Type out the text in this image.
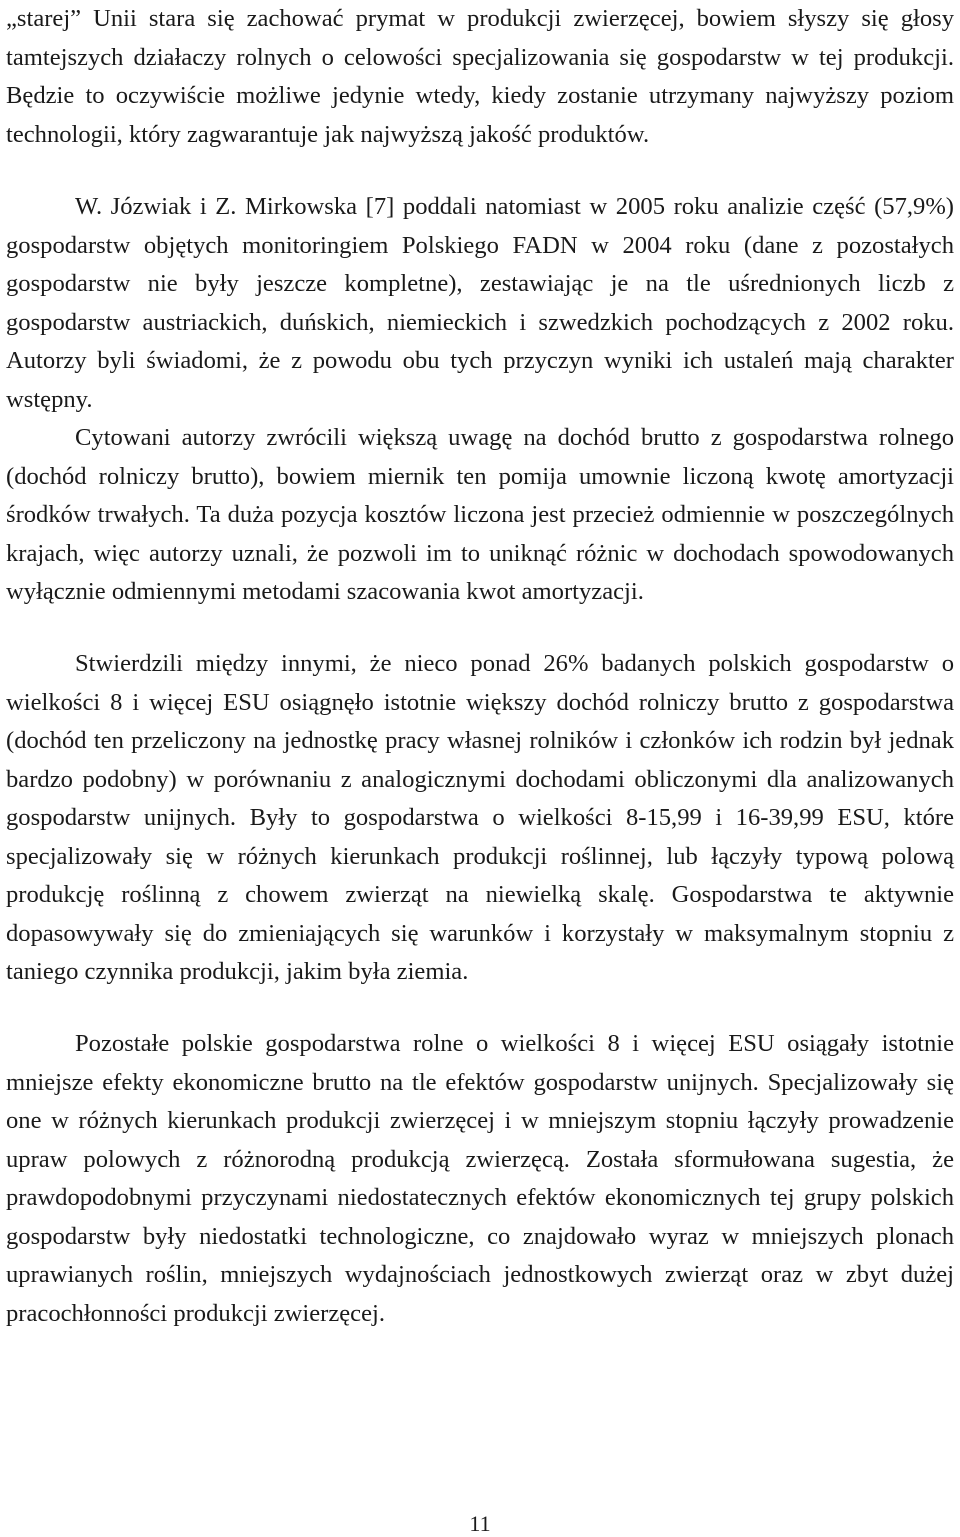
„starej” Unii stara się zachować prymat w produkcji zwierzęcej, bowiem słyszy się głosy tamtejszych działaczy rolnych o celowości specjalizowania się gospodarstw w tej produkcji. Będzie to oczywiście możliwe jedynie wtedy, kiedy zostanie utrzymany najwyższy poziom technologii, który zagwarantuje jak najwyższą jakość produktów.

W. Józwiak i Z. Mirkowska [7] poddali natomiast w 2005 roku analizie część (57,9%) gospodarstw objętych monitoringiem Polskiego FADN w 2004 roku (dane z pozostałych gospodarstw nie były jeszcze kompletne), zestawiając je na tle uśrednionych liczb z gospodarstw austriackich, duńskich, niemieckich i szwedzkich pochodzących z 2002 roku. Autorzy byli świadomi, że z powodu obu tych przyczyn wyniki ich ustaleń mają charakter wstępny.

Cytowani autorzy zwrócili większą uwagę na dochód brutto z gospodarstwa rolnego (dochód rolniczy brutto), bowiem miernik ten pomija umownie liczoną kwotę amortyzacji środków trwałych. Ta duża pozycja kosztów liczona jest przecież odmiennie w poszczególnych krajach, więc autorzy uznali, że pozwoli im to uniknąć różnic w dochodach spowodowanych wyłącznie odmiennymi metodami szacowania kwot amortyzacji.

Stwierdzili między innymi, że nieco ponad 26% badanych polskich gospodarstw o wielkości 8 i więcej ESU osiągnęło istotnie większy dochód rolniczy brutto z gospodarstwa (dochód ten przeliczony na jednostkę pracy własnej rolników i członków ich rodzin był jednak bardzo podobny) w porównaniu z analogicznymi dochodami obliczonymi dla analizowanych gospodarstw unijnych. Były to gospodarstwa o wielkości 8-15,99 i 16-39,99 ESU, które specjalizowały się w różnych kierunkach produkcji roślinnej, lub łączyły typową polową produkcję roślinną z chowem zwierząt na niewielką skalę. Gospodarstwa te aktywnie dopasowywały się do zmieniających się warunków i korzystały w maksymalnym stopniu z taniego czynnika produkcji, jakim była ziemia.

Pozostałe polskie gospodarstwa rolne o wielkości 8 i więcej ESU osiągały istotnie mniejsze efekty ekonomiczne brutto na tle efektów gospodarstw unijnych. Specjalizowały się one w różnych kierunkach produkcji zwierzęcej i w mniejszym stopniu łączyły prowadzenie upraw polowych z różnorodną produkcją zwierzęcą. Została sformułowana sugestia, że prawdopodobnymi przyczynami niedostatecznych efektów ekonomicznych tej grupy polskich gospodarstw były niedostatki technologiczne, co znajdowało wyraz w mniejszych plonach uprawianych roślin, mniejszych wydajnościach jednostkowych zwierząt oraz w zbyt dużej pracochłonności produkcji zwierzęcej.

11
